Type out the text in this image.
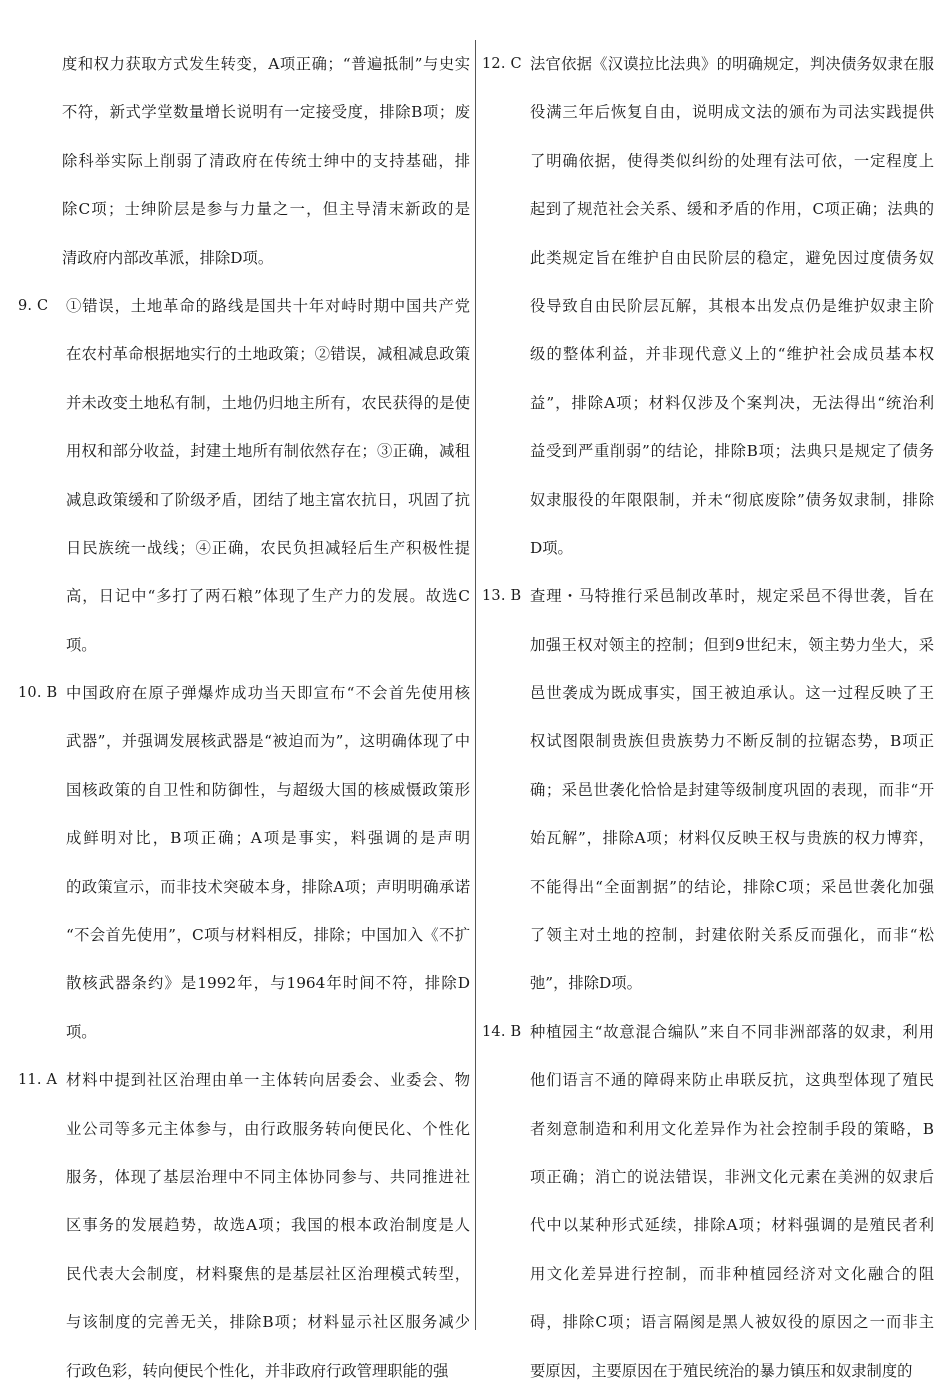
度和权力获取方式发生转变，A项正确；“普遍抵制”与史实
不符，新式学堂数量增长说明有一定接受度，排除B项；废
除科举实际上削弱了清政府在传统士绅中的支持基础，排
除C项；士绅阶层是参与力量之一，但主导清末新政的是
清政府内部改革派，排除D项。
9. C	①错误，土地革命的路线是国共十年对峙时期中国共产党
在农村革命根据地实行的土地政策；②错误，减租减息政策
并未改变土地私有制，土地仍归地主所有，农民获得的是使
用权和部分收益，封建土地所有制依然存在；③正确，减租
减息政策缓和了阶级矛盾，团结了地主富农抗日，巩固了抗
日民族统一战线；④正确，农民负担减轻后生产积极性提
高，日记中“多打了两石粮”体现了生产力的发展。故选C
项。
10. B 中国政府在原子弹爆炸成功当天即宣布“不会首先使用核
武器”，并强调发展核武器是“被迫而为”，这明确体现了中
国核政策的自卫性和防御性，与超级大国的核威慑政策形
成鲜明对比，B项正确；A项是事实，料强调的是声明
的政策宣示，而非技术突破本身，排除A项；声明明确承诺
“不会首先使用”，C项与材料相反，排除；中国加入《不扩
散核武器条约》是1992年，与1964年时间不符，排除D
项。
11. A 材料中提到社区治理由单一主体转向居委会、业委会、物
业公司等多元主体参与，由行政服务转向便民化、个性化
服务，体现了基层治理中不同主体协同参与、共同推进社
区事务的发展趋势，故选A项；我国的根本政治制度是人
民代表大会制度，材料聚焦的是基层社区治理模式转型，
与该制度的完善无关，排除B项；材料显示社区服务减少
行政色彩，转向便民个性化，并非政府行政管理职能的强
12. C 法官依据《汉谟拉比法典》的明确规定，判决债务奴隶在服
役满三年后恢复自由，说明成文法的颁布为司法实践提供
了明确依据，使得类似纠纷的处理有法可依，一定程度上
起到了规范社会关系、缓和矛盾的作用，C项正确；法典的
此类规定旨在维护自由民阶层的稳定，避免因过度债务奴
役导致自由民阶层瓦解，其根本出发点仍是维护奴隶主阶
级的整体利益，并非现代意义上的“维护社会成员基本权
益”，排除A项；材料仅涉及个案判决，无法得出“统治利
益受到严重削弱”的结论，排除B项；法典只是规定了债务
奴隶服役的年限限制，并未“彻底废除”债务奴隶制，排除
D项。
13. B 查理・马特推行采邑制改革时，规定采邑不得世袭，旨在
加强王权对领主的控制；但到9世纪末，领主势力坐大，采
邑世袭成为既成事实，国王被迫承认。这一过程反映了王
权试图限制贵族但贵族势力不断反制的拉锯态势，B项正
确；采邑世袭化恰恰是封建等级制度巩固的表现，而非“开
始瓦解”，排除A项；材料仅反映王权与贵族的权力博弈，
不能得出“全面割据”的结论，排除C项；采邑世袭化加强
了领主对土地的控制，封建依附关系反而强化，而非“松
弛”，排除D项。
14. B 种植园主“故意混合编队”来自不同非洲部落的奴隶，利用
他们语言不通的障碍来防止串联反抗，这典型体现了殖民
者刻意制造和利用文化差异作为社会控制手段的策略，B
项正确；消亡的说法错误，非洲文化元素在美洲的奴隶后
代中以某种形式延续，排除A项；材料强调的是殖民者利
用文化差异进行控制，而非种植园经济对文化融合的阻
碍，排除C项；语言隔阂是黑人被奴役的原因之一而非主
要原因，主要原因在于殖民统治的暴力镇压和奴隶制度的
